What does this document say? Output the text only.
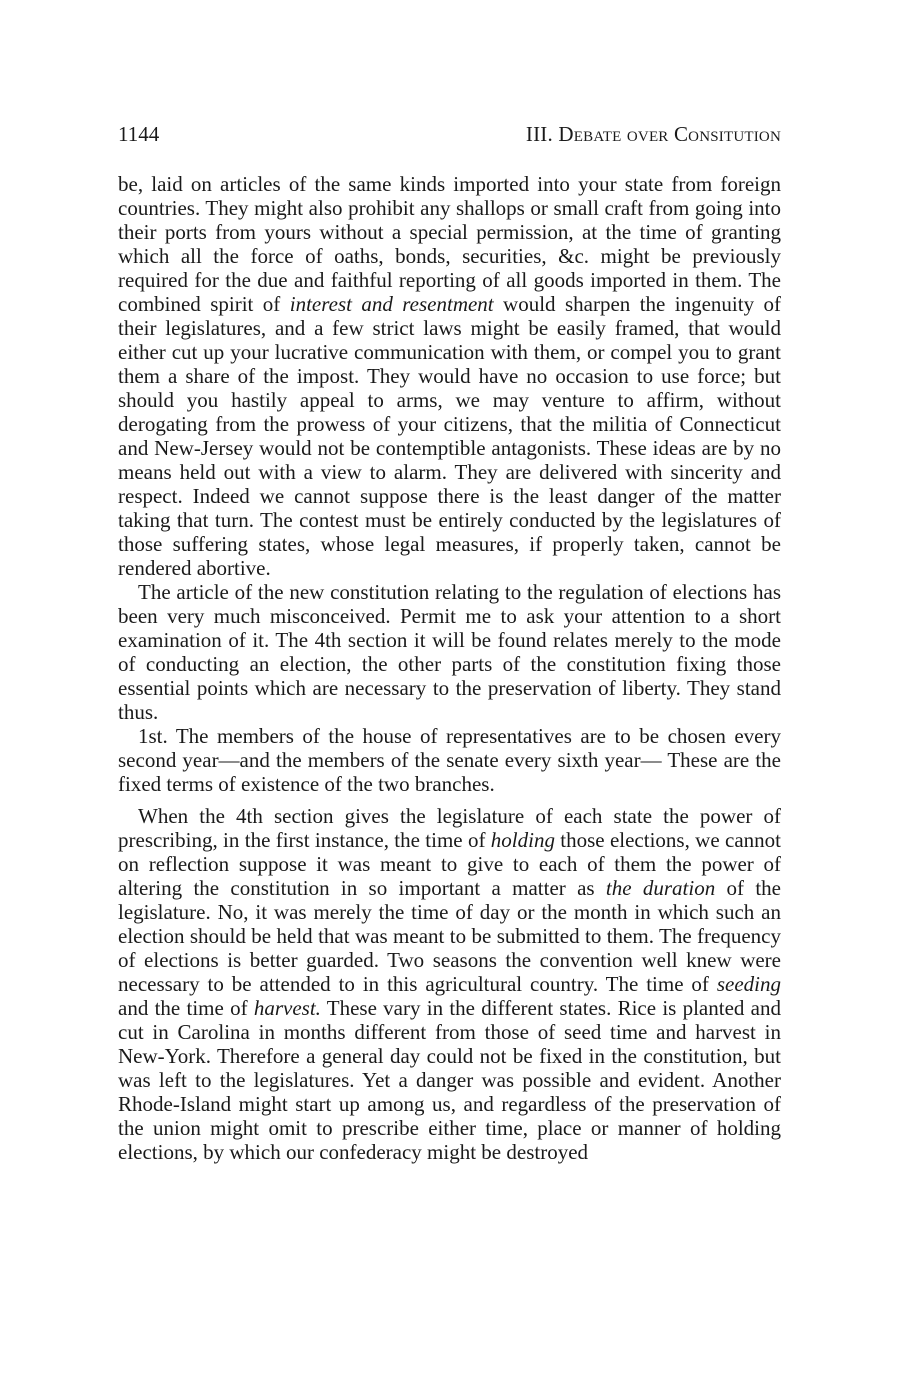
1144	III. Debate over Consitution

be, laid on articles of the same kinds imported into your state from foreign countries. They might also prohibit any shallops or small craft from going into their ports from yours without a special permission, at the time of granting which all the force of oaths, bonds, securities, &c. might be previously required for the due and faithful reporting of all goods imported in them. The combined spirit of interest and resentment would sharpen the ingenuity of their legislatures, and a few strict laws might be easily framed, that would either cut up your lucrative communication with them, or compel you to grant them a share of the impost. They would have no occasion to use force; but should you hastily appeal to arms, we may venture to affirm, without derogating from the prowess of your citizens, that the militia of Connecticut and New-Jersey would not be contemptible antagonists. These ideas are by no means held out with a view to alarm. They are delivered with sincerity and respect. Indeed we cannot suppose there is the least danger of the matter taking that turn. The contest must be entirely conducted by the legislatures of those suffering states, whose legal measures, if properly taken, cannot be rendered abortive.

The article of the new constitution relating to the regulation of elections has been very much misconceived. Permit me to ask your attention to a short examination of it. The 4th section it will be found relates merely to the mode of conducting an election, the other parts of the constitution fixing those essential points which are necessary to the preservation of liberty. They stand thus.

1st. The members of the house of representatives are to be chosen every second year—and the members of the senate every sixth year— These are the fixed terms of existence of the two branches.

When the 4th section gives the legislature of each state the power of prescribing, in the first instance, the time of holding those elections, we cannot on reflection suppose it was meant to give to each of them the power of altering the constitution in so important a matter as the duration of the legislature. No, it was merely the time of day or the month in which such an election should be held that was meant to be submitted to them. The frequency of elections is better guarded. Two seasons the convention well knew were necessary to be attended to in this agricultural country. The time of seeding and the time of harvest. These vary in the different states. Rice is planted and cut in Carolina in months different from those of seed time and harvest in New-York. Therefore a general day could not be fixed in the constitution, but was left to the legislatures. Yet a danger was possible and evident. Another Rhode-Island might start up among us, and regardless of the preservation of the union might omit to prescribe either time, place or manner of holding elections, by which our confederacy might be destroyed
